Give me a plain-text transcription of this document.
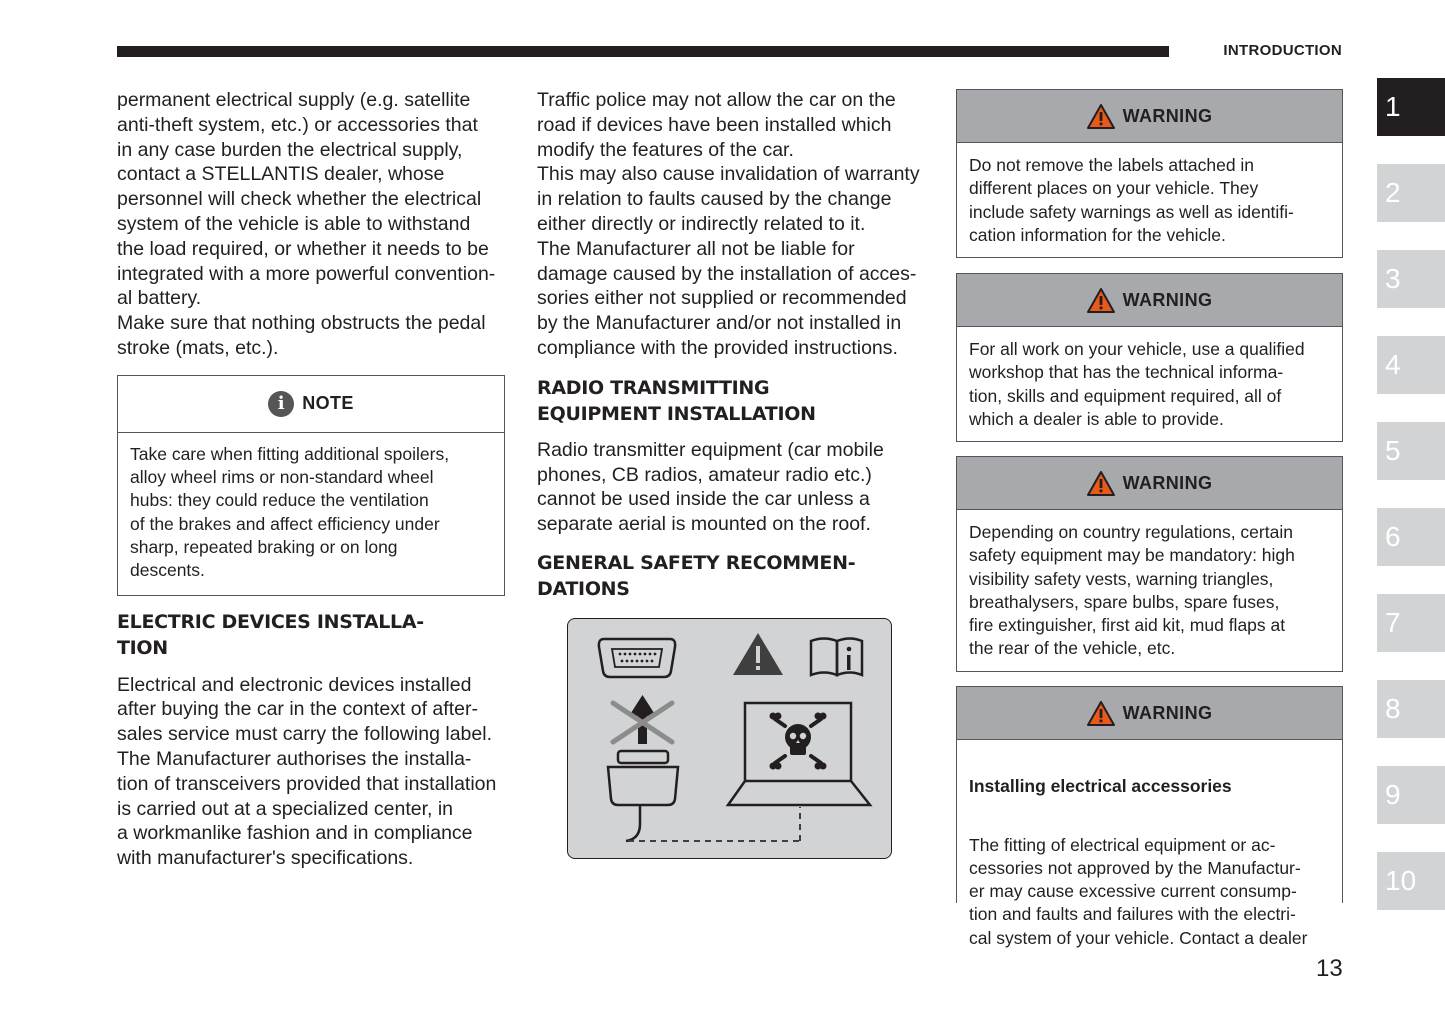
INTRODUCTION

permanent electrical supply (e.g. satellite
anti-theft system, etc.) or accessories that
in any case burden the electrical supply,
contact a STELLANTIS dealer, whose
personnel will check whether the electrical
system of the vehicle is able to withstand
the load required, or whether it needs to be
integrated with a more powerful convention-
al battery.
Make sure that nothing obstructs the pedal
stroke (mats, etc.).

i NOTE
Take care when fitting additional spoilers,
alloy wheel rims or non-standard wheel
hubs: they could reduce the ventilation
of the brakes and affect efficiency under
sharp, repeated braking or on long
descents.
ELECTRIC DEVICES INSTALLA-
TION

Electrical and electronic devices installed
after buying the car in the context of after-
sales service must carry the following label.
The Manufacturer authorises the installa-
tion of transceivers provided that installation
is carried out at a specialized center, in
a workmanlike fashion and in compliance
with manufacturer's specifications.

Traffic police may not allow the car on the
road if devices have been installed which
modify the features of the car.
This may also cause invalidation of warranty
in relation to faults caused by the change
either directly or indirectly related to it.
The Manufacturer all not be liable for
damage caused by the installation of acces-
sories either not supplied or recommended
by the Manufacturer and/or not installed in
compliance with the provided instructions.

RADIO TRANSMITTING
EQUIPMENT INSTALLATION

Radio transmitter equipment (car mobile
phones, CB radios, amateur radio etc.)
cannot be used inside the car unless a
separate aerial is mounted on the roof.

GENERAL SAFETY RECOMMEN-
DATIONS
WARNING
Do not remove the labels attached in
different places on your vehicle. They
include safety warnings as well as identifi-
cation information for the vehicle.
WARNING
For all work on your vehicle, use a qualified
workshop that has the technical informa-
tion, skills and equipment required, all of
which a dealer is able to provide.
WARNING
Depending on country regulations, certain
safety equipment may be mandatory: high
visibility safety vests, warning triangles,
breathalysers, spare bulbs, spare fuses,
fire extinguisher, first aid kit, mud flaps at
the rear of the vehicle, etc.
WARNING

Installing electrical accessories

The fitting of electrical equipment or ac-
cessories not approved by the Manufactur-
er may cause excessive current consump-
tion and faults and failures with the electri-
cal system of your vehicle. Contact a dealer

1
2
3
4
5
6
7
8
9
10
13
